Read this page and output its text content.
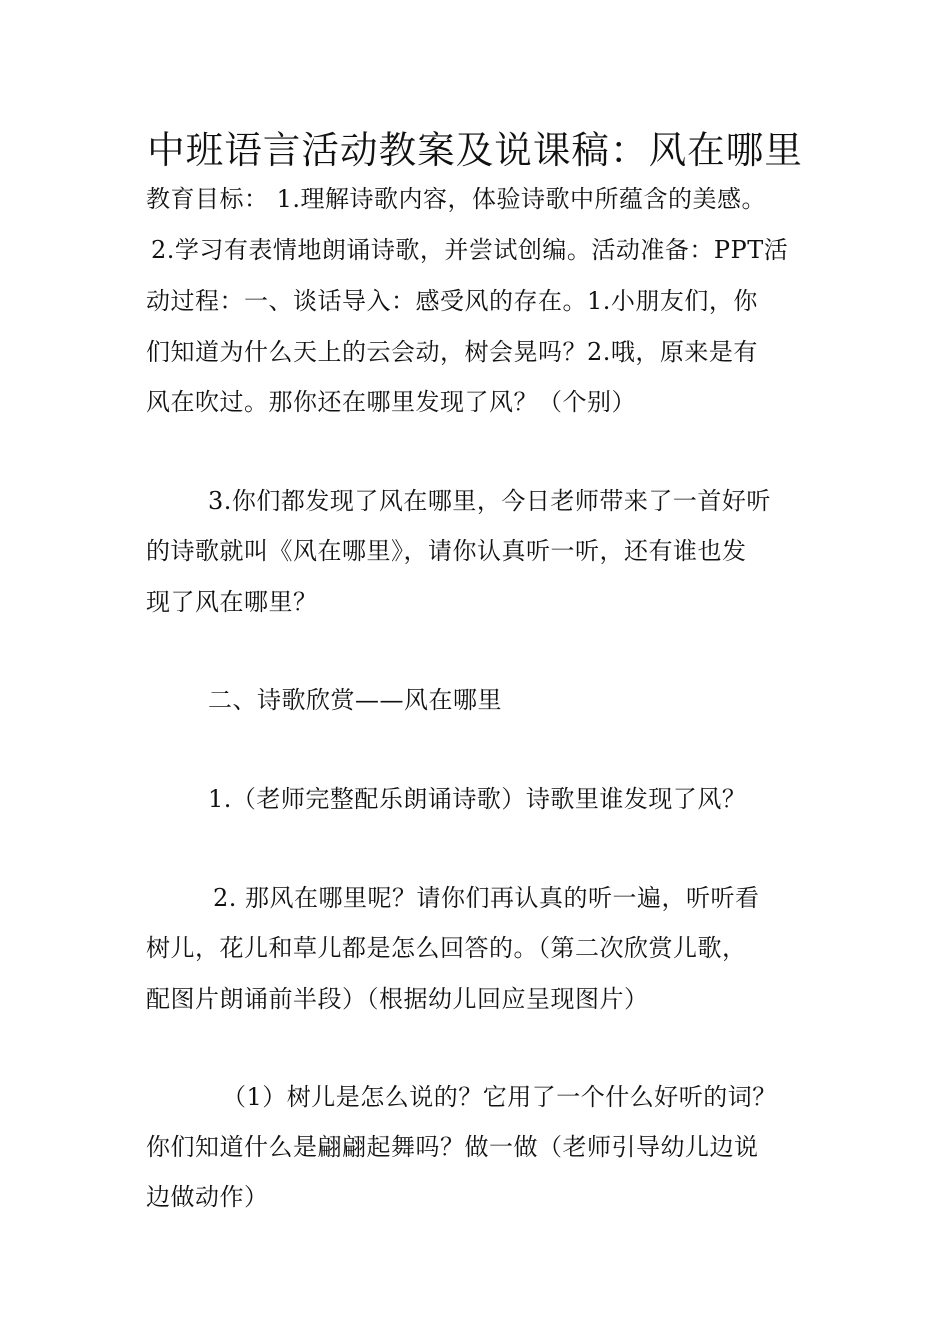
中班语言活动教案及说课稿：风在哪里
教育目标： 1.理解诗歌内容，体验诗歌中所蕴含的美感。
2.学习有表情地朗诵诗歌，并尝试创编。活动准备：PPT活
动过程：一、谈话导入：感受风的存在。1.小朋友们，你
们知道为什么天上的云会动，树会晃吗？2.哦，原来是有
风在吹过。那你还在哪里发现了风？（个别）
3.你们都发现了风在哪里，今日老师带来了一首好听
的诗歌就叫《风在哪里》，请你认真听一听，还有谁也发
现了风在哪里？
二、诗歌欣赏——风在哪里
1.（老师完整配乐朗诵诗歌）诗歌里谁发现了风？
2. 那风在哪里呢？请你们再认真的听一遍，听听看
树儿，花儿和草儿都是怎么回答的。（第二次欣赏儿歌，
配图片朗诵前半段）（根据幼儿回应呈现图片）
（1）树儿是怎么说的？它用了一个什么好听的词？
你们知道什么是翩翩起舞吗？做一做（老师引导幼儿边说
边做动作）
